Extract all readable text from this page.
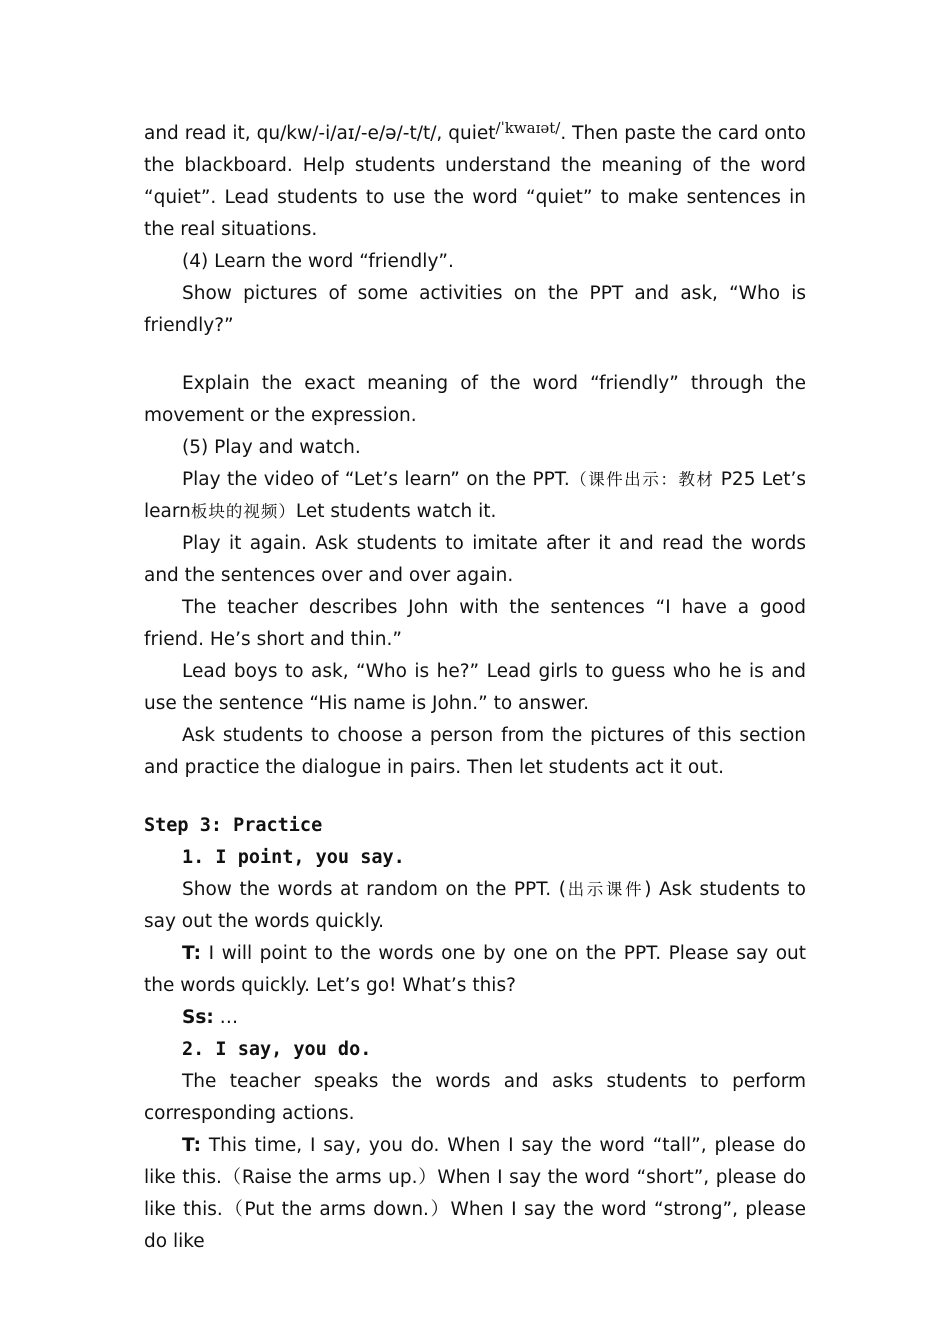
and read it, qu/kw/-i/aɪ/-e/ə/-t/t/, quiet$^{/ˈkwaɪət/}$. Then paste the card onto the blackboard. Help students understand the meaning of the word “quiet”. Lead students to use the word “quiet” to make sentences in the real situations.

(4) Learn the word “friendly”.

Show pictures of some activities on the PPT and ask, “Who is friendly?”

Explain the exact meaning of the word “friendly” through the movement or the expression.

(5) Play and watch.

Play the video of “Let’s learn” on the PPT.（课件出示：教材 P25 Let’s learn板块的视频）Let students watch it.

Play it again. Ask students to imitate after it and read the words and the sentences over and over again.

The teacher describes John with the sentences “I have a good friend. He’s short and thin.”

Lead boys to ask, “Who is he?” Lead girls to guess who he is and use the sentence “His name is John.” to answer.

Ask students to choose a person from the pictures of this section and practice the dialogue in pairs. Then let students act it out.

Step 3: Practice

1. I point, you say.

Show the words at random on the PPT. (出示课件) Ask students to say out the words quickly.

T: I will point to the words one by one on the PPT. Please say out the words quickly. Let’s go! What’s this?

Ss: …

2. I say, you do.

The teacher speaks the words and asks students to perform corresponding actions.

T: This time, I say, you do. When I say the word “tall”, please do like this.（Raise the arms up.）When I say the word “short”, please do like this.（Put the arms down.）When I say the word “strong”, please do like
